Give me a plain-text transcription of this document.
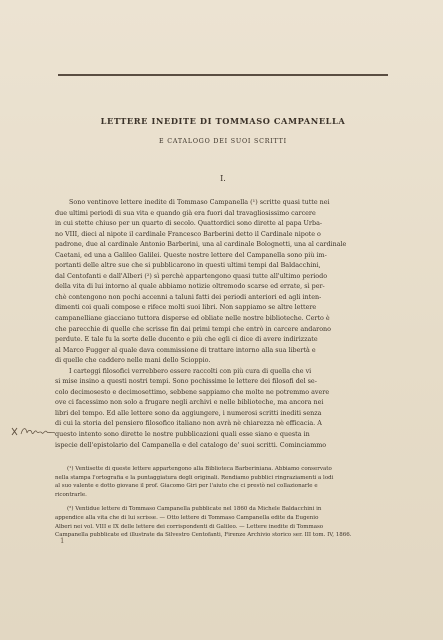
LETTERE INEDITE DI TOMMASO CAMPANELLA
E CATALOGO DEI SUOI SCRITTI
I.
Sono ventinove lettere inedite di Tommaso Campanella (¹) scritte quasi tutte nei
due ultimi periodi di sua vita e quando già era fuori dal travagliosissimo carcere
in cui stette chiuso per un quarto di secolo. Quattordici sono dirette al papa Urba-
no VIII, dieci al nipote il cardinale Francesco Barberini detto il Cardinale nipote o
padrone, due al cardinale Antonio Barberini, una al cardinale Bolognetti, una al cardinale
Caetani, ed una a Galileo Galilei. Queste nostre lettere del Campanella sono più im-
portanti delle altre sue che si pubblicarono in questi ultimi tempi dal Baldacchini,
dal Centofanti e dall'Alberi (²) sì perchè appartengono quasi tutte all'ultimo periodo
della vita di lui intorno al quale abbiamo notizie oltremodo scarse ed errate, sì per-
chè contengono non pochi accenni a taluni fatti dei periodi anteriori ed agli inten-
dimenti coi quali compose e rifece molti suoi libri. Non sappiamo se altre lettere
campanelliane giacciano tuttora disperse ed obliate nelle nostre biblioteche. Certo è
che parecchie di quelle che scrisse fin dai primi tempi che entrò in carcere andarono
perdute. E tale fu la sorte delle ducento e più che egli ci dice di avere indirizzate
al Marco Fugger al quale dava commissione di trattare intorno alla sua libertà e
di quelle che caddero nelle mani dello Scioppio.
I carteggi filosofici verrebbero essere raccolti con più cura di quella che vi
si mise insino a questi nostri tempi. Sono pochissime le lettere dei filosofi del se-
colo decimosesto e decimosettimo, sebbene sappiamo che molte ne potremmo avere
ove ci facessimo non solo a frugare negli archivi e nelle biblioteche, ma ancora nei
libri del tempo. Ed alle lettere sono da aggiungere, i numerosi scritti inediti senza
di cui la storia del pensiero filosofico italiano non avrà nè chiarezza nè efficacia. A
questo intento sono dirette le nostre pubblicazioni quali esse siano e questa in
ispecie dell'epistolario del Campanella e del catalogo de' suoi scritti. Cominciammo
(¹) Ventisette di queste lettere appartengono alla Biblioteca Barberiniana. Abbiamo conservato
nella stampa l'ortografia e la puntaggiatura degli originali. Rendiamo pubblici ringraziamenti a lodi
al suo valente e dotto giovane il prof. Giacomo Giri per l'aiuto che ci prestò nel collazionarle e
ricontrarle.
(²) Ventidue lettere di Tommaso Campanella pubblicate nel 1860 da Michele Baldacchini in
appendice alla vita che di lui scrisse. — Otto lettere di Tommaso Campanella edite da Eugenio
Alberi nei vol. VIII e IX delle lettere dei corrispondenti di Galileo. — Lettere inedite di Tommaso
Campanella pubblicate ed illustrate da Silvestro Centofanti, Firenze Archivio storico ser. III tom. IV, 1866.
1
